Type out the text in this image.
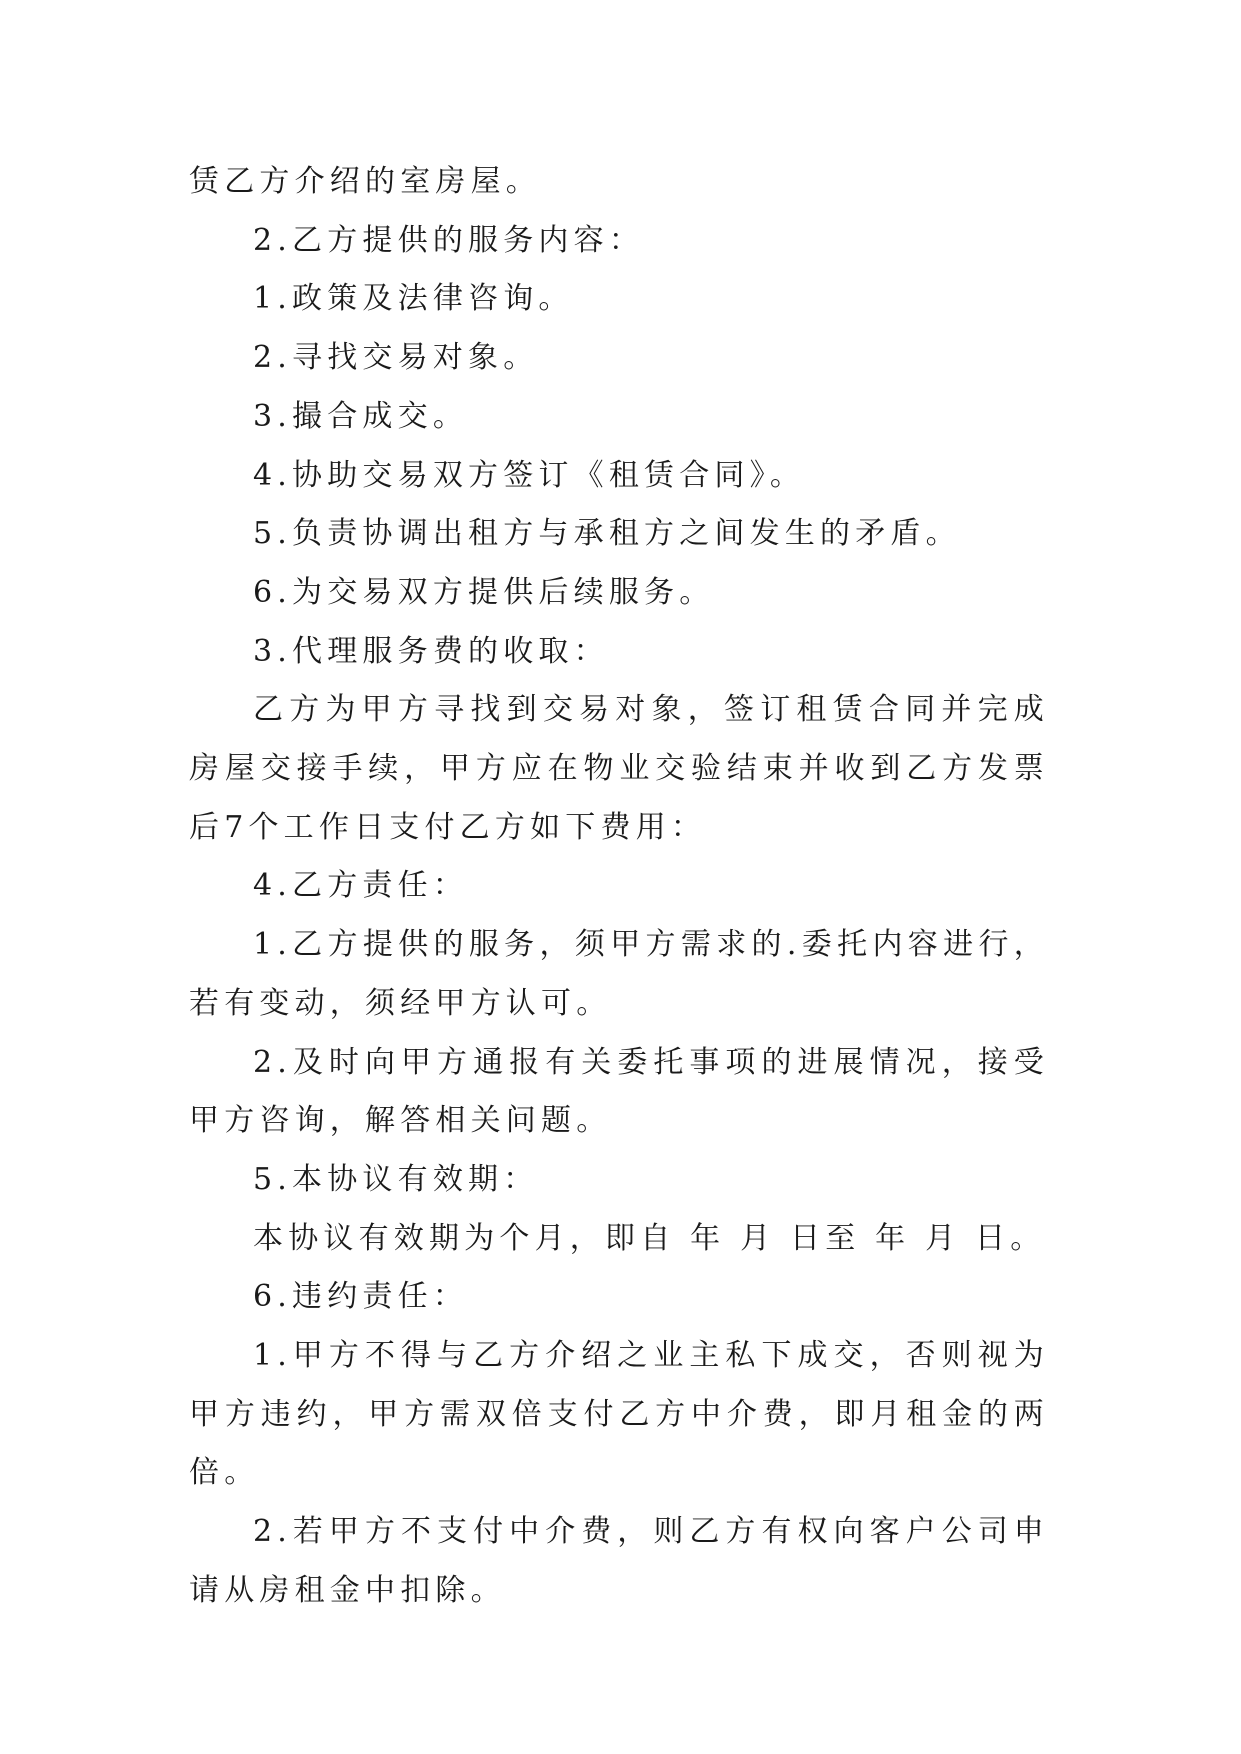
赁乙方介绍的室房屋。

2.乙方提供的服务内容：

1.政策及法律咨询。

2.寻找交易对象。

3.撮合成交。

4.协助交易双方签订《租赁合同》。

5.负责协调出租方与承租方之间发生的矛盾。

6.为交易双方提供后续服务。

3.代理服务费的收取：

乙方为甲方寻找到交易对象，签订租赁合同并完成房屋交接手续，甲方应在物业交验结束并收到乙方发票后7个工作日支付乙方如下费用：

4.乙方责任：

1.乙方提供的服务，须甲方需求的.委托内容进行，若有变动，须经甲方认可。

2.及时向甲方通报有关委托事项的进展情况，接受甲方咨询，解答相关问题。

5.本协议有效期：

本协议有效期为个月，即自 年 月 日至 年 月 日。

6.违约责任：

1.甲方不得与乙方介绍之业主私下成交，否则视为甲方违约，甲方需双倍支付乙方中介费，即月租金的两倍。

2.若甲方不支付中介费，则乙方有权向客户公司申请从房租金中扣除。
